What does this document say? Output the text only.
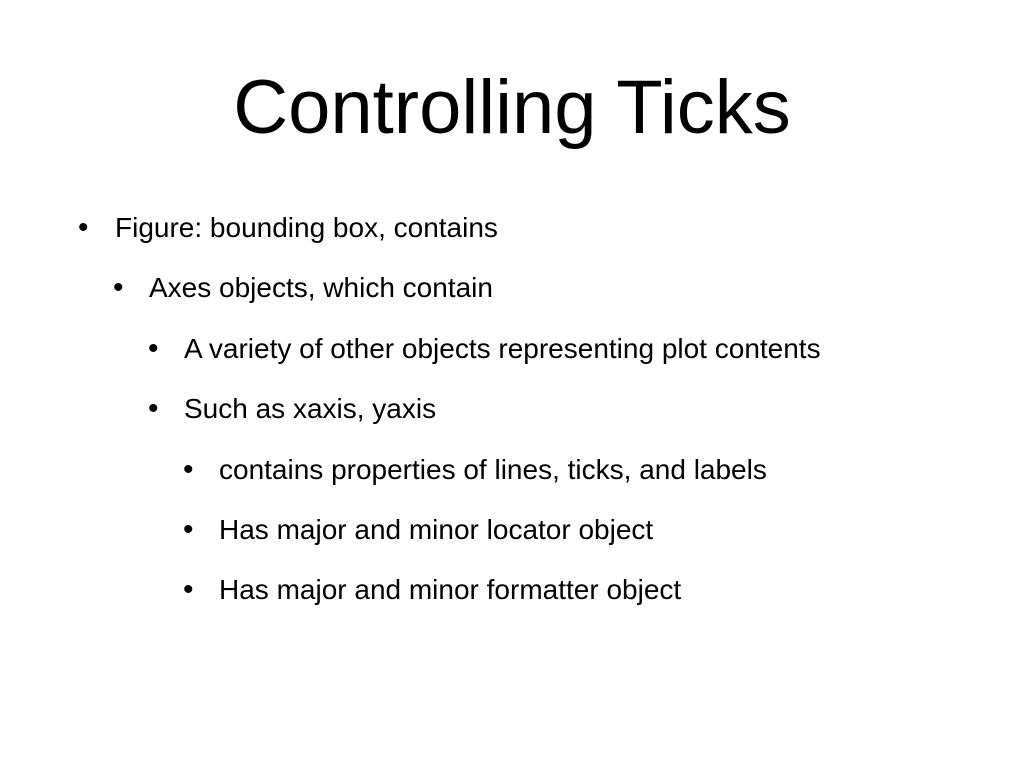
Controlling Ticks
• Figure: bounding box, contains
• Axes objects, which contain
• A variety of other objects representing plot contents
• Such as xaxis, yaxis
• contains properties of lines, ticks, and labels
• Has major and minor locator object
• Has major and minor formatter object
